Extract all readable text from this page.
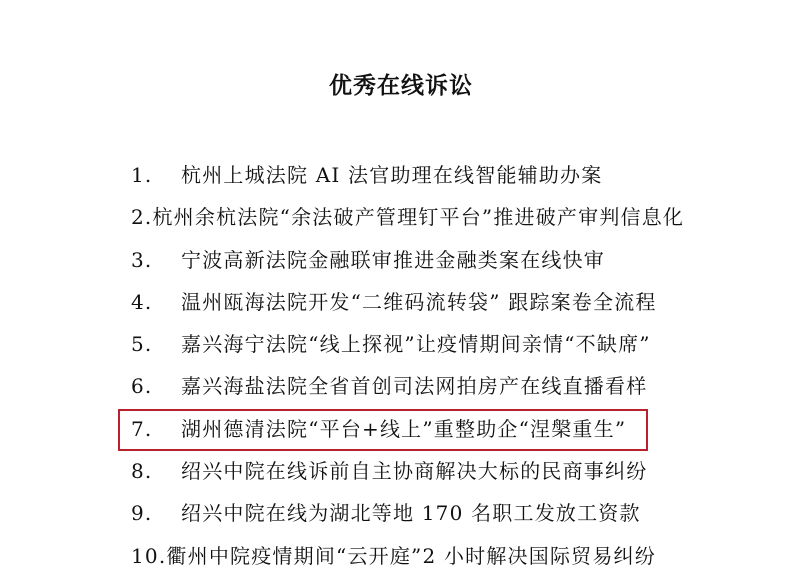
优秀在线诉讼
1. 杭州上城法院 AI 法官助理在线智能辅助办案
2.杭州余杭法院“余法破产管理钉平台”推进破产审判信息化
3. 宁波高新法院金融联审推进金融类案在线快审
4. 温州瓯海法院开发“二维码流转袋” 跟踪案卷全流程
5. 嘉兴海宁法院“线上探视”让疫情期间亲情“不缺席”
6. 嘉兴海盐法院全省首创司法网拍房产在线直播看样
7. 湖州德清法院“平台+线上”重整助企“涅槃重生”
8. 绍兴中院在线诉前自主协商解决大标的民商事纠纷
9. 绍兴中院在线为湖北等地 170 名职工发放工资款
10.衢州中院疫情期间“云开庭”2 小时解决国际贸易纠纷
